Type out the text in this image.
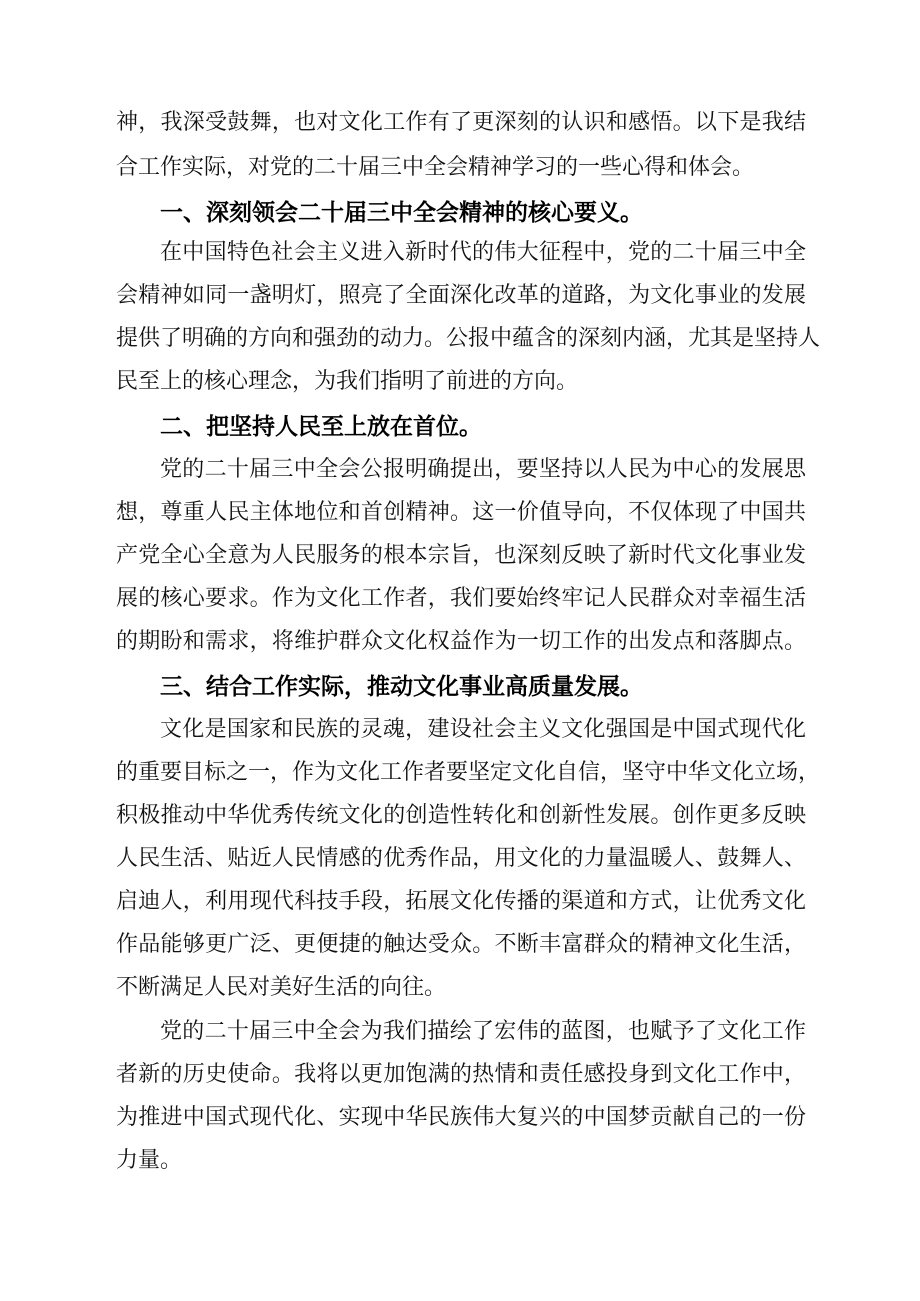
神，我深受鼓舞，也对文化工作有了更深刻的认识和感悟。以下是我结
合工作实际，对党的二十届三中全会精神学习的一些心得和体会。
一、深刻领会二十届三中全会精神的核心要义。
在中国特色社会主义进入新时代的伟大征程中，党的二十届三中全
会精神如同一盏明灯，照亮了全面深化改革的道路，为文化事业的发展
提供了明确的方向和强劲的动力。公报中蕴含的深刻内涵，尤其是坚持人
民至上的核心理念，为我们指明了前进的方向。
二、把坚持人民至上放在首位。
党的二十届三中全会公报明确提出，要坚持以人民为中心的发展思
想，尊重人民主体地位和首创精神。这一价值导向，不仅体现了中国共
产党全心全意为人民服务的根本宗旨，也深刻反映了新时代文化事业发
展的核心要求。作为文化工作者，我们要始终牢记人民群众对幸福生活
的期盼和需求，将维护群众文化权益作为一切工作的出发点和落脚点。
三、结合工作实际，推动文化事业高质量发展。
文化是国家和民族的灵魂，建设社会主义文化强国是中国式现代化
的重要目标之一，作为文化工作者要坚定文化自信，坚守中华文化立场，
积极推动中华优秀传统文化的创造性转化和创新性发展。创作更多反映
人民生活、贴近人民情感的优秀作品，用文化的力量温暖人、鼓舞人、
启迪人，利用现代科技手段，拓展文化传播的渠道和方式，让优秀文化
作品能够更广泛、更便捷的触达受众。不断丰富群众的精神文化生活，
不断满足人民对美好生活的向往。
党的二十届三中全会为我们描绘了宏伟的蓝图，也赋予了文化工作
者新的历史使命。我将以更加饱满的热情和责任感投身到文化工作中，
为推进中国式现代化、实现中华民族伟大复兴的中国梦贡献自己的一份
力量。
